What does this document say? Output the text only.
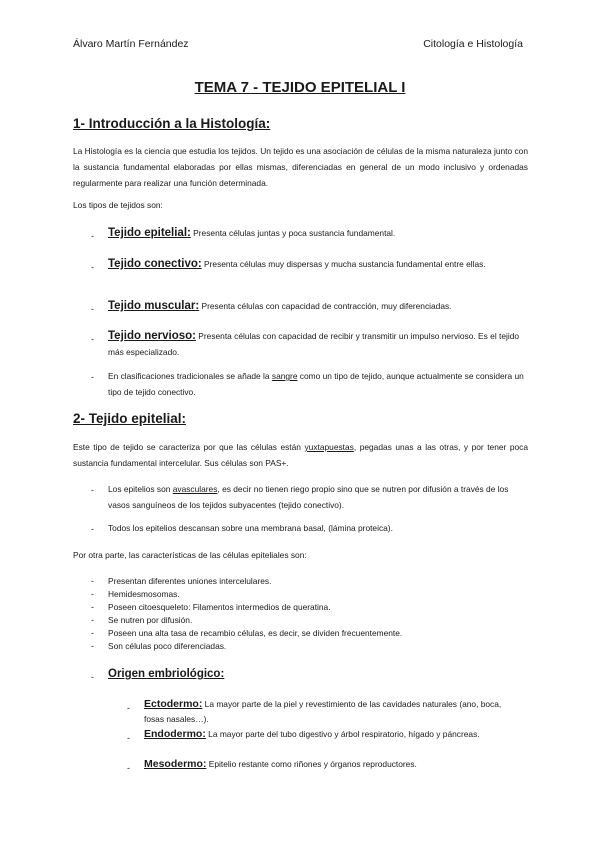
Álvaro Martín Fernández	Citología e Histología
TEMA 7 - TEJIDO EPITELIAL I
1- Introducción a la Histología:
La Histología es la ciencia que estudia los tejidos. Un tejido es una asociación de células de la misma naturaleza junto con la sustancia fundamental elaboradas por ellas mismas, diferenciadas en general de un modo inclusivo y ordenadas regularmente para realizar una función determinada.
Los tipos de tejidos son:
- Tejido epitelial: Presenta células juntas y poca sustancia fundamental.
- Tejido conectivo: Presenta células muy dispersas y mucha sustancia fundamental entre ellas.
- Tejido muscular: Presenta células con capacidad de contracción, muy diferenciadas.
- Tejido nervioso: Presenta células con capacidad de recibir y transmitir un impulso nervioso. Es el tejido más especializado.
- En clasificaciones tradicionales se añade la sangre como un tipo de tejido, aunque actualmente se considera un tipo de tejido conectivo.
2- Tejido epitelial:
Este tipo de tejido se caracteriza por que las células están yuxtapuestas, pegadas unas a las otras, y por tener poca sustancia fundamental intercelular. Sus células son PAS+.
- Los epitelios son avasculares, es decir no tienen riego propio sino que se nutren por difusión a través de los vasos sanguíneos de los tejidos subyacentes (tejido conectivo).
- Todos los epitelios descansan sobre una membrana basal, (lámina proteica).
Por otra parte, las características de las células epiteliales son:
- Presentan diferentes uniones intercelulares.
- Hemidesmosomas.
- Poseen citoesqueleto: Filamentos intermedios de queratina.
- Se nutren por difusión.
- Poseen una alta tasa de recambio células, es decir, se dividen frecuentemente.
- Son células poco diferenciadas.
- Origen embriológico:
- Ectodermo: La mayor parte de la piel y revestimiento de las cavidades naturales (ano, boca, fosas nasales…).
- Endodermo: La mayor parte del tubo digestivo y árbol respiratorio, hígado y páncreas.
- Mesodermo: Epitelio restante como riñones y órganos reproductores.
